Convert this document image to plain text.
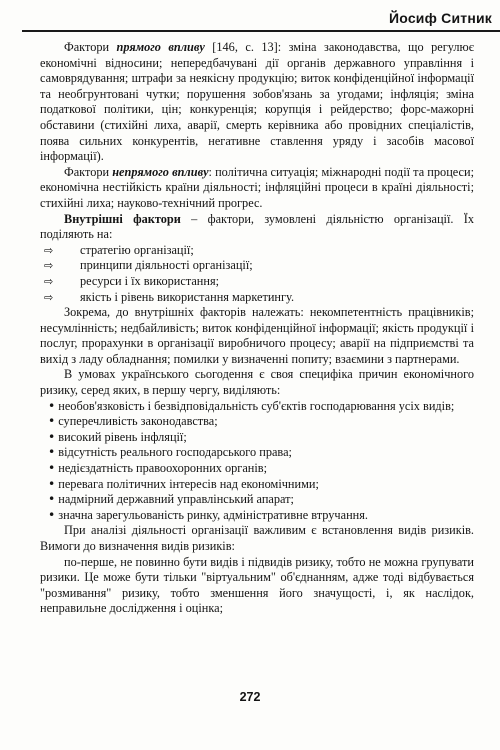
Йосиф Ситник

Фактори прямого впливу [146, с. 13]: зміна законодавства, що регулює економічні відносини; непередбачувані дії органів державного управління і самоврядування; штрафи за неякісну продукцію; виток конфіденційної інформації та необгрунтовані чутки; порушення зобов'язань за угодами; інфляція; зміна податкової політики, цін; конкуренція; корупція і рейдерство; форс-мажорні обставини (стихійні лиха, аварії, смерть керівника або провідних спеціалістів, поява сильних конкурентів, негативне ставлення уряду і засобів масової інформації).

Фактори непрямого впливу: політична ситуація; міжнародні події та процеси; економічна нестійкість країни діяльності; інфляційні процеси в країні діяльності; стихійні лиха; науково-технічний прогрес.

Внутрішні фактори – фактори, зумовлені діяльністю організації. Їх поділяють на:

⇨ стратегію організації;
⇨ принципи діяльності організації;
⇨ ресурси і їх використання;
⇨ якість і рівень використання маркетингу.

Зокрема, до внутрішніх факторів належать: некомпетентність працівників; несумлінність; недбайливість; виток конфіденційної інформації; якість продукції і послуг, прорахунки в організації виробничого процесу; аварії на підприємстві та вихід з ладу обладнання; помилки у визначенні попиту; взаємини з партнерами.

В умовах українського сьогодення є своя специфіка причин економічного ризику, серед яких, в першу чергу, виділяють:

• необов'язковість і безвідповідальність суб'єктів господарювання усіх видів;
• суперечливість законодавства;
• високий рівень інфляції;
• відсутність реального господарського права;
• недієздатність правоохоронних органів;
• перевага політичних інтересів над економічними;
• надмірний державний управлінський апарат;
• значна зарегульованість ринку, адміністративне втручання.

При аналізі діяльності організації важливим є встановлення видів ризиків. Вимоги до визначення видів ризиків:

по-перше, не повинно бути видів і підвидів ризику, тобто не можна групувати ризики. Це може бути тільки "віртуальним" об'єднанням, адже тоді відбувається "розмивання" ризику, тобто зменшення його значущості, і, як наслідок, неправильне дослідження і оцінка;

272
